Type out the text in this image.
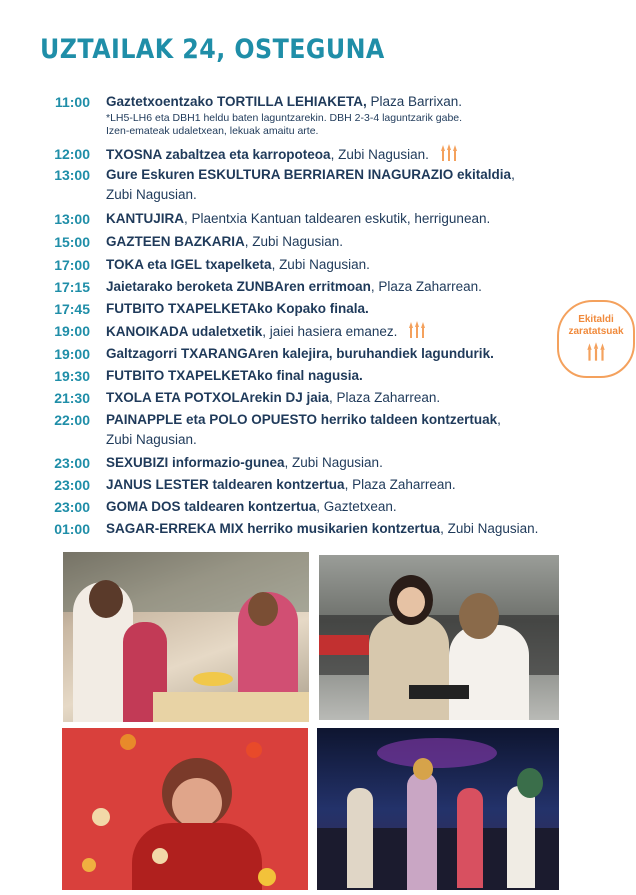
UZTAILAK 24, OSTEGUNA
11:00	Gaztetxoentzako TORTILLA LEHIAKETA, Plaza Barrixan.
*LH5-LH6 eta DBH1 heldu baten laguntzarekin. DBH 2-3-4 laguntzarik gabe.
Izen-emateak udaletxean, lekuak amaitu arte.
12:00	TXOSNA zabaltzea eta karropoteoa, Zubi Nagusian.
13:00	Gure Eskuren ESKULTURA BERRIAREN INAGURAZIO ekitaldia,
Zubi Nagusian.
13:00	KANTUJIRA, Plaentxia Kantuan taldearen eskutik, herrigunean.
15:00	GAZTEEN BAZKARIA, Zubi Nagusian.
17:00	TOKA eta IGEL txapelketa, Zubi Nagusian.
17:15	Jaietarako beroketa ZUNBAren erritmoan, Plaza Zaharrean.
17:45	FUTBITO TXAPELKETAko Kopako finala.
19:00	KANOIKADA udaletxetik, jaiei hasiera emanez.
19:00	Galtzagorri TXARANGAren kalejira, buruhandiek lagundurik.
19:30	FUTBITO TXAPELKETAko final nagusia.
21:30	TXOLA ETA POTXOLArekin DJ jaia, Plaza Zaharrean.
22:00	PAINAPPLE eta POLO OPUESTO herriko taldeen kontzertuak,
Zubi Nagusian.
23:00	SEXUBIZI informazio-gunea, Zubi Nagusian.
23:00	JANUS LESTER taldearen kontzertua, Plaza Zaharrean.
23:00	GOMA DOS taldearen kontzertua, Gaztetxean.
01:00	SAGAR-ERREKA MIX herriko musikarien kontzertua, Zubi Nagusian.
Ekitaldi
zaratatsuak
